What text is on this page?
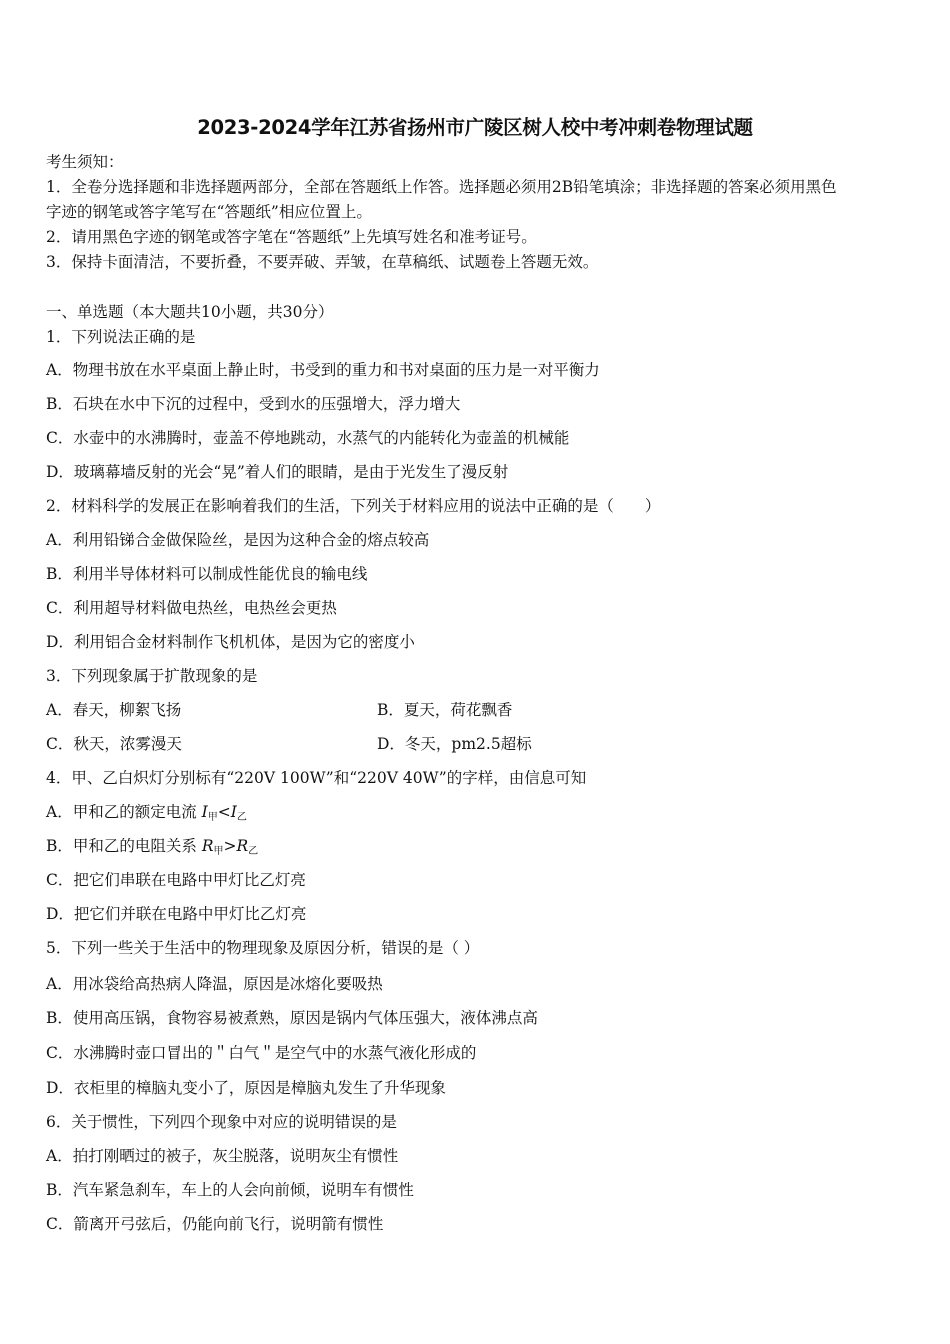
2023-2024学年江苏省扬州市广陵区树人校中考冲刺卷物理试题
考生须知：
1．全卷分选择题和非选择题两部分，全部在答题纸上作答。选择题必须用2B铅笔填涂；非选择题的答案必须用黑色
字迹的钢笔或答字笔写在“答题纸”相应位置上。
2．请用黑色字迹的钢笔或答字笔在“答题纸”上先填写姓名和准考证号。
3．保持卡面清洁，不要折叠，不要弄破、弄皱，在草稿纸、试题卷上答题无效。
一、单选题（本大题共10小题，共30分）
1．下列说法正确的是
A．物理书放在水平桌面上静止时，书受到的重力和书对桌面的压力是一对平衡力
B．石块在水中下沉的过程中，受到水的压强增大，浮力增大
C．水壶中的水沸腾时，壶盖不停地跳动，水蒸气的内能转化为壶盖的机械能
D．玻璃幕墙反射的光会“晃”着人们的眼睛，是由于光发生了漫反射
2．材料科学的发展正在影响着我们的生活，下列关于材料应用的说法中正确的是（　　）
A．利用铅锑合金做保险丝，是因为这种合金的熔点较高
B．利用半导体材料可以制成性能优良的输电线
C．利用超导材料做电热丝，电热丝会更热
D．利用铝合金材料制作飞机机体，是因为它的密度小
3．下列现象属于扩散现象的是
A．春天，柳絮飞扬	B．夏天，荷花飘香
C．秋天，浓雾漫天	D．冬天，pm2.5超标
4．甲、乙白炽灯分别标有“220V 100W”和“220V 40W”的字样，由信息可知
A．甲和乙的额定电流 $I_甲<I_乙$
B．甲和乙的电阻关系 $R_甲>R_乙$
C．把它们串联在电路中甲灯比乙灯亮
D．把它们并联在电路中甲灯比乙灯亮
5．下列一些关于生活中的物理现象及原因分析，错误的是（ ）
A．用冰袋给高热病人降温，原因是冰熔化要吸热
B．使用高压锅，食物容易被煮熟，原因是锅内气体压强大，液体沸点高
C．水沸腾时壶口冒出的＂白气＂是空气中的水蒸气液化形成的
D．衣柜里的樟脑丸变小了，原因是樟脑丸发生了升华现象
6．关于惯性，下列四个现象中对应的说明错误的是
A．拍打刚晒过的被子，灰尘脱落，说明灰尘有惯性
B．汽车紧急刹车，车上的人会向前倾，说明车有惯性
C．箭离开弓弦后，仍能向前飞行，说明箭有惯性
